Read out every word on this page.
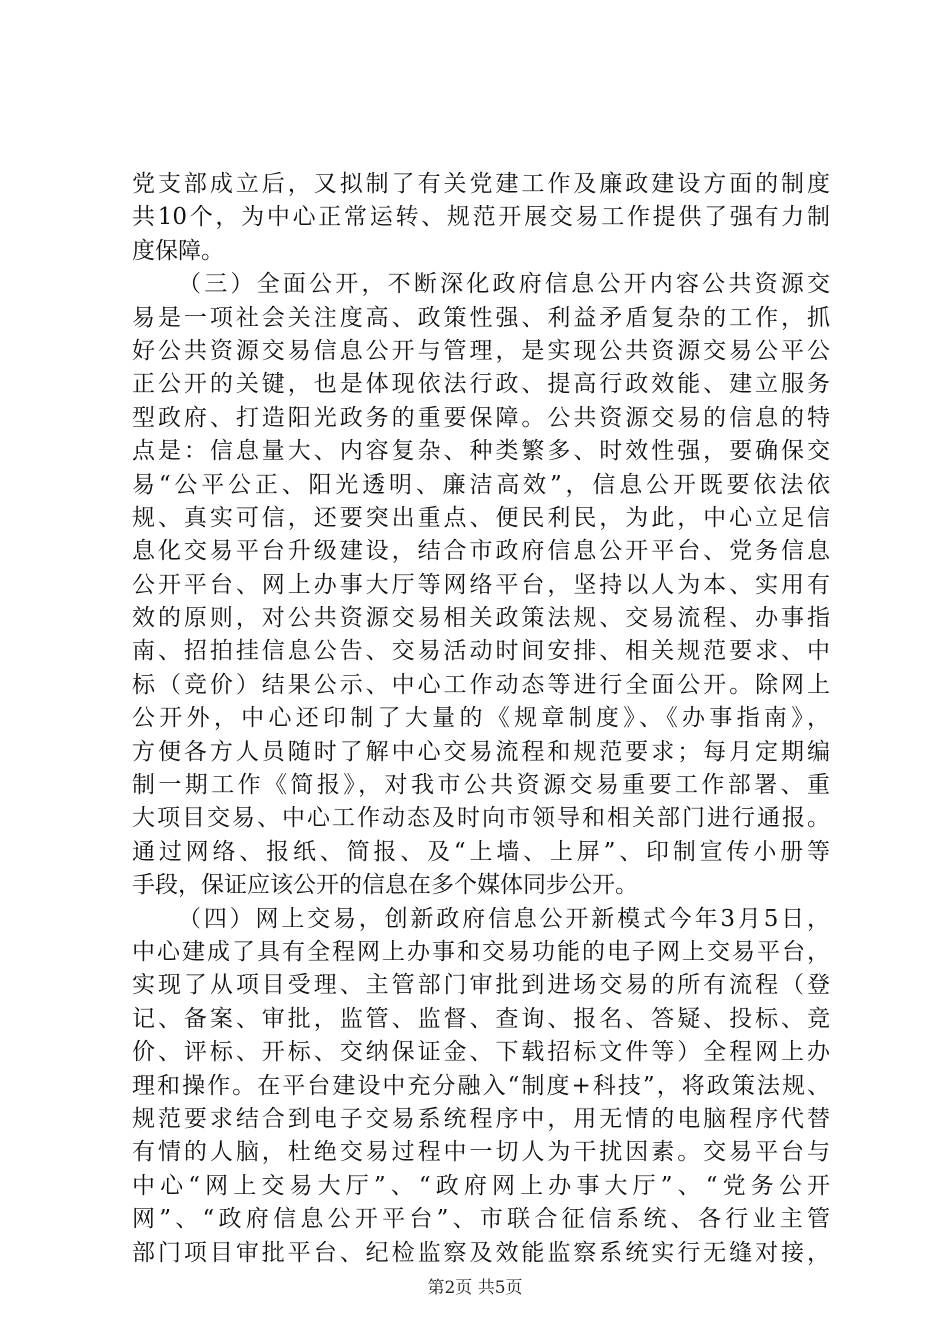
党支部成立后，又拟制了有关党建工作及廉政建设方面的制度
共10个，为中心正常运转、规范开展交易工作提供了强有力制
度保障。
（三）全面公开，不断深化政府信息公开内容公共资源交
易是一项社会关注度高、政策性强、利益矛盾复杂的工作，抓
好公共资源交易信息公开与管理，是实现公共资源交易公平公
正公开的关键，也是体现依法行政、提高行政效能、建立服务
型政府、打造阳光政务的重要保障。公共资源交易的信息的特
点是：信息量大、内容复杂、种类繁多、时效性强，要确保交
易“公平公正、阳光透明、廉洁高效”，信息公开既要依法依
规、真实可信，还要突出重点、便民利民，为此，中心立足信
息化交易平台升级建设，结合市政府信息公开平台、党务信息
公开平台、网上办事大厅等网络平台，坚持以人为本、实用有
效的原则，对公共资源交易相关政策法规、交易流程、办事指
南、招拍挂信息公告、交易活动时间安排、相关规范要求、中
标（竞价）结果公示、中心工作动态等进行全面公开。除网上
公开外，中心还印制了大量的《规章制度》、《办事指南》，
方便各方人员随时了解中心交易流程和规范要求；每月定期编
制一期工作《简报》，对我市公共资源交易重要工作部署、重
大项目交易、中心工作动态及时向市领导和相关部门进行通报。
通过网络、报纸、简报、及“上墙、上屏”、印制宣传小册等
手段，保证应该公开的信息在多个媒体同步公开。
（四）网上交易，创新政府信息公开新模式今年3月5日，
中心建成了具有全程网上办事和交易功能的电子网上交易平台，
实现了从项目受理、主管部门审批到进场交易的所有流程（登
记、备案、审批，监管、监督、查询、报名、答疑、投标、竞
价、评标、开标、交纳保证金、下载招标文件等）全程网上办
理和操作。在平台建设中充分融入“制度+科技”，将政策法规、
规范要求结合到电子交易系统程序中，用无情的电脑程序代替
有情的人脑，杜绝交易过程中一切人为干扰因素。交易平台与
中心“网上交易大厅”、“政府网上办事大厅”、“党务公开
网”、“政府信息公开平台”、市联合征信系统、各行业主管
部门项目审批平台、纪检监察及效能监察系统实行无缝对接，
第2页 共5页
